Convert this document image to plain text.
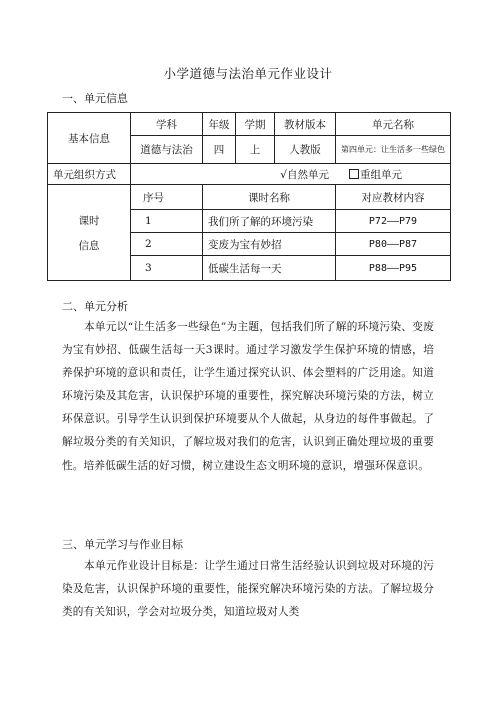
小学道德与法治单元作业设计
一、单元信息
基本信息	学科	年级	学期	教材版本	单元名称
	道德与法治	四	上	人教版	第四单元：让生活多一些绿色
单元组织方式	√自然单元 重组单元				

课时
信息	序号	课时名称			对应教材内容
	1	我们所了解的环境污染			P72——P79
	2	变废为宝有妙招			P80——P87
	3	低碳生活每一天			P88——P95
二、单元分析
本单元以“让生活多一些绿色”为主题，包括我们所了解的环境污染、变废为宝有妙招、低碳生活每一天3课时。通过学习激发学生保护环境的情感，培养保护环境的意识和责任，让学生通过探究认识、体会塑料的广泛用途。知道环境污染及其危害，认识保护环境的重要性，探究解决环境污染的方法，树立环保意识。引导学生认识到保护环境要从个人做起，从身边的每件事做起。了解垃圾分类的有关知识，了解垃圾对我们的危害，认识到正确处理垃圾的重要性。培养低碳生活的好习惯，树立建设生态文明环境的意识，增强环保意识。
三、单元学习与作业目标
本单元作业设计目标是：让学生通过日常生活经验认识到垃圾对环境的污染及危害，认识保护环境的重要性，能探究解决环境污染的方法。了解垃圾分类的有关知识，学会对垃圾分类，知道垃圾对人类
